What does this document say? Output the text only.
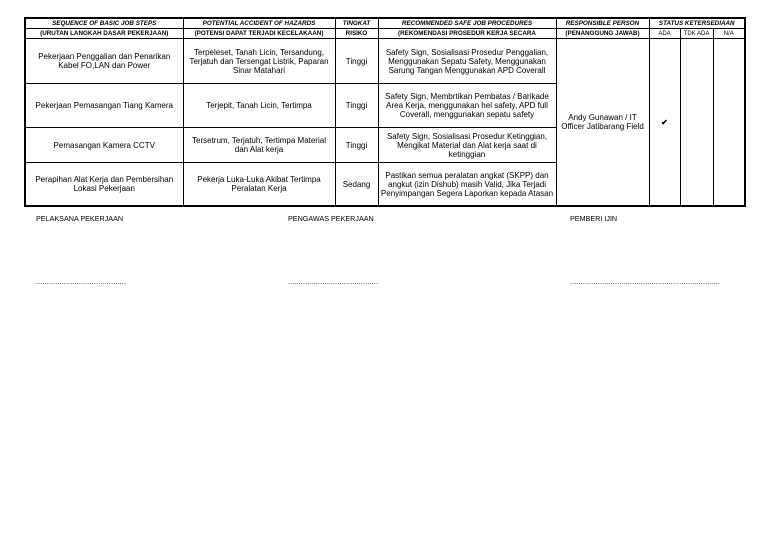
SEQUENCE OF BASIC JOB STEPS	POTENTIAL ACCIDENT OF HAZARDS	TINGKAT	RECOMMENDED SAFE JOB PROCEDURES	RESPONSIBLE PERSON	STATUS KETERSEDIAAN		
(URUTAN LANGKAH DASAR PEKERJAAN)	(POTENSI DAPAT TERJADI KECELAKAAN)	RISIKO	(REKOMENDASI PROSEDUR KERJA SECARA	(PENANGGUNG JAWAB)	ADA	TDK ADA	N/A
Pekerjaan Penggalian dan Penarikan Kabel FO,LAN dan Power	Terpeleset, Tanah Licin, Tersandung, Terjatuh dan Tersengat Listrik, Paparan Sinar Matahari	Tinggi	Safety Sign, Sosialisasi Prosedur Penggalian, Menggunakan Sepatu Safety, Menggunakan Sarung Tangan Menggunakan APD Coverall	Andy Gunawan / IT Officer Jatibarang Field	✔		
Pekerjaan Pemasangan Tiang Kamera	Terjepit, Tanah Licin, Tertimpa	Tinggi	Safety Sign, Membrtikan Pembatas / Barikade Area Kerja, menggunakan hel safety, APD full Coverall, menggunakan sepatu safety				
Pemasangan Kamera CCTV	Tersetrum, Terjatuh, Tertimpa Material dan Alat kerja	Tinggi	Safety Sign, Sosialisasi Prosedur Ketinggian, Mengikat Material dan Alat kerja saat di ketinggian				
Perapihan Alat Kerja dan Pembersihan Lokasi Pekerjaan	Pekerja Luka-Luka Akibat Tertimpa Peralatan Kerja	Sedang	Pastikan semua peralatan angkat (SKPP) dan angkut (izin Dishub) masih Valid, Jika Terjadi Penyimpangan Segera Laporkan kepada Atasan				
PELAKSANA PEKERJAAN	PENGAWAS PEKERJAAN	PEMBERI IJIN
..........................................	..........................................	......................................................................
